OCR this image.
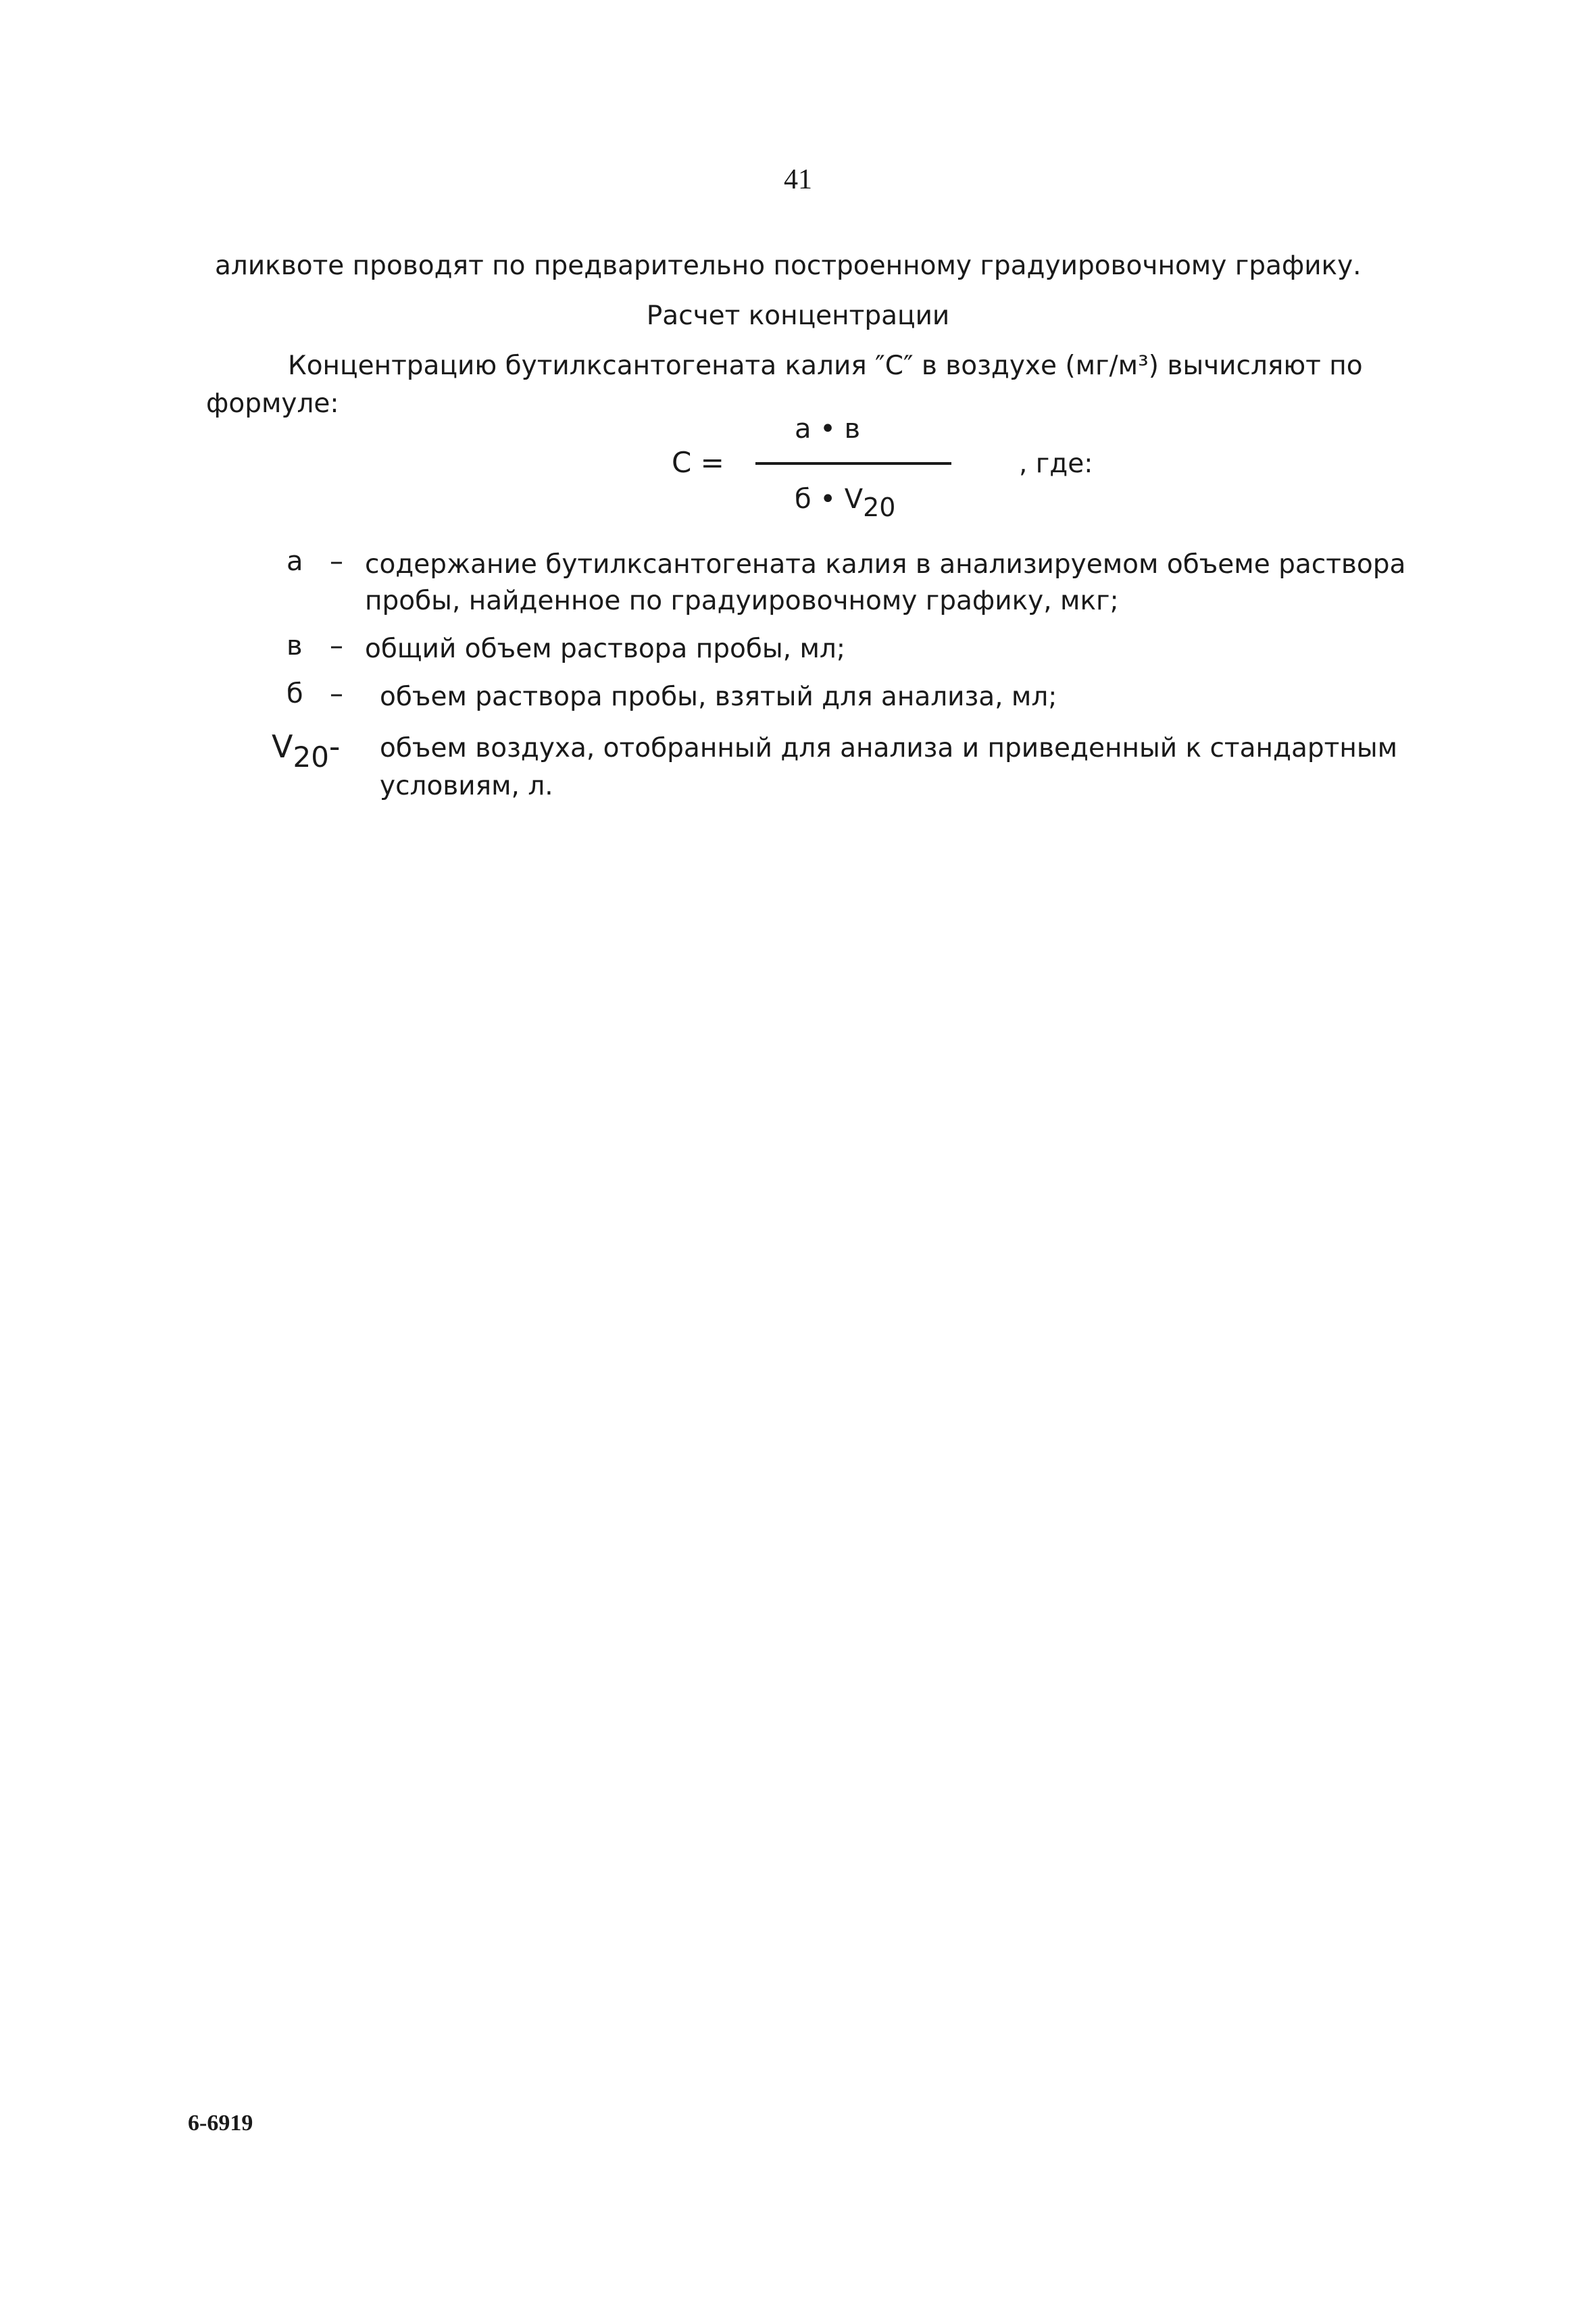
41
аликвоте проводят по предварительно построенному градуировочному графику.
Расчет концентрации
Концентрацию бутилксантогената калия ″С″ в воздухе (мг/м³) вычисляют по
формуле:
С =
а • в
б • V20
, где:
а – содержание бутилксантогената калия в анализируемом объеме раствора
пробы, найденное по градуировочному графику, мкг;
в – общий объем раствора пробы, мл;
б – объем раствора пробы, взятый для анализа, мл;
V20- объем воздуха, отобранный для анализа и приведенный к стандартным
условиям, л.
6-6919
